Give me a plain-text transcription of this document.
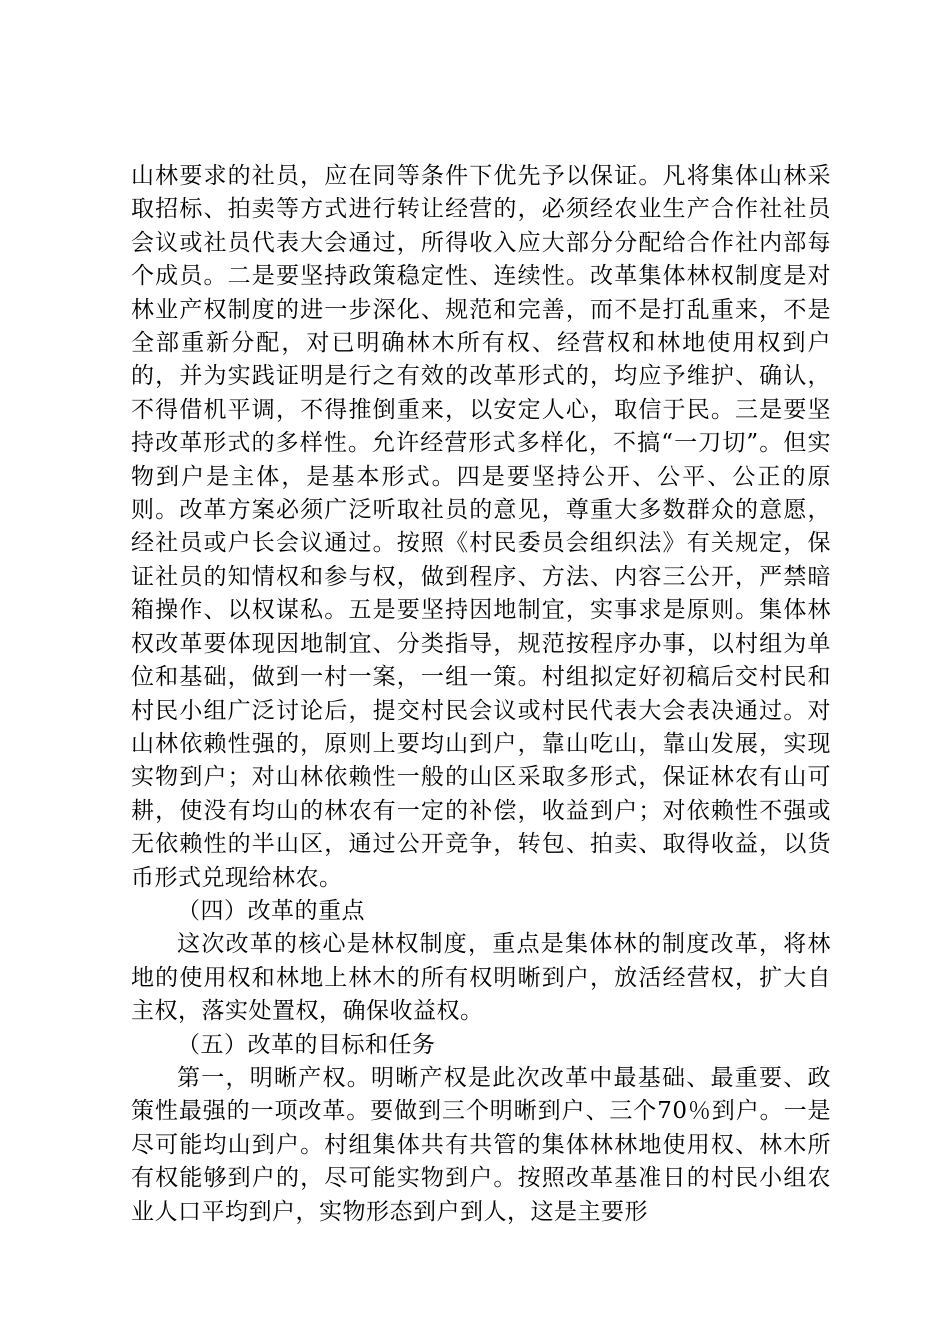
山林要求的社员，应在同等条件下优先予以保证。凡将集体山林采取招标、拍卖等方式进行转让经营的，必须经农业生产合作社社员会议或社员代表大会通过，所得收入应大部分分配给合作社内部每个成员。二是要坚持政策稳定性、连续性。改革集体林权制度是对林业产权制度的进一步深化、规范和完善，而不是打乱重来，不是全部重新分配，对已明确林木所有权、经营权和林地使用权到户的，并为实践证明是行之有效的改革形式的，均应予维护、确认，不得借机平调，不得推倒重来，以安定人心，取信于民。三是要坚持改革形式的多样性。允许经营形式多样化，不搞“一刀切”。但实物到户是主体，是基本形式。四是要坚持公开、公平、公正的原则。改革方案必须广泛听取社员的意见，尊重大多数群众的意愿，经社员或户长会议通过。按照《村民委员会组织法》有关规定，保证社员的知情权和参与权，做到程序、方法、内容三公开，严禁暗箱操作、以权谋私。五是要坚持因地制宜，实事求是原则。集体林权改革要体现因地制宜、分类指导，规范按程序办事，以村组为单位和基础，做到一村一案，一组一策。村组拟定好初稿后交村民和村民小组广泛讨论后，提交村民会议或村民代表大会表决通过。对山林依赖性强的，原则上要均山到户，靠山吃山，靠山发展，实现实物到户；对山林依赖性一般的山区采取多形式，保证林农有山可耕，使没有均山的林农有一定的补偿，收益到户；对依赖性不强或无依赖性的半山区，通过公开竞争，转包、拍卖、取得收益，以货币形式兑现给林农。

（四）改革的重点

这次改革的核心是林权制度，重点是集体林的制度改革，将林地的使用权和林地上林木的所有权明晰到户，放活经营权，扩大自主权，落实处置权，确保收益权。

（五）改革的目标和任务

第一，明晰产权。明晰产权是此次改革中最基础、最重要、政策性最强的一项改革。要做到三个明晰到户、三个70％到户。一是尽可能均山到户。村组集体共有共管的集体林林地使用权、林木所有权能够到户的，尽可能实物到户。按照改革基准日的村民小组农业人口平均到户，实物形态到户到人，这是主要形
